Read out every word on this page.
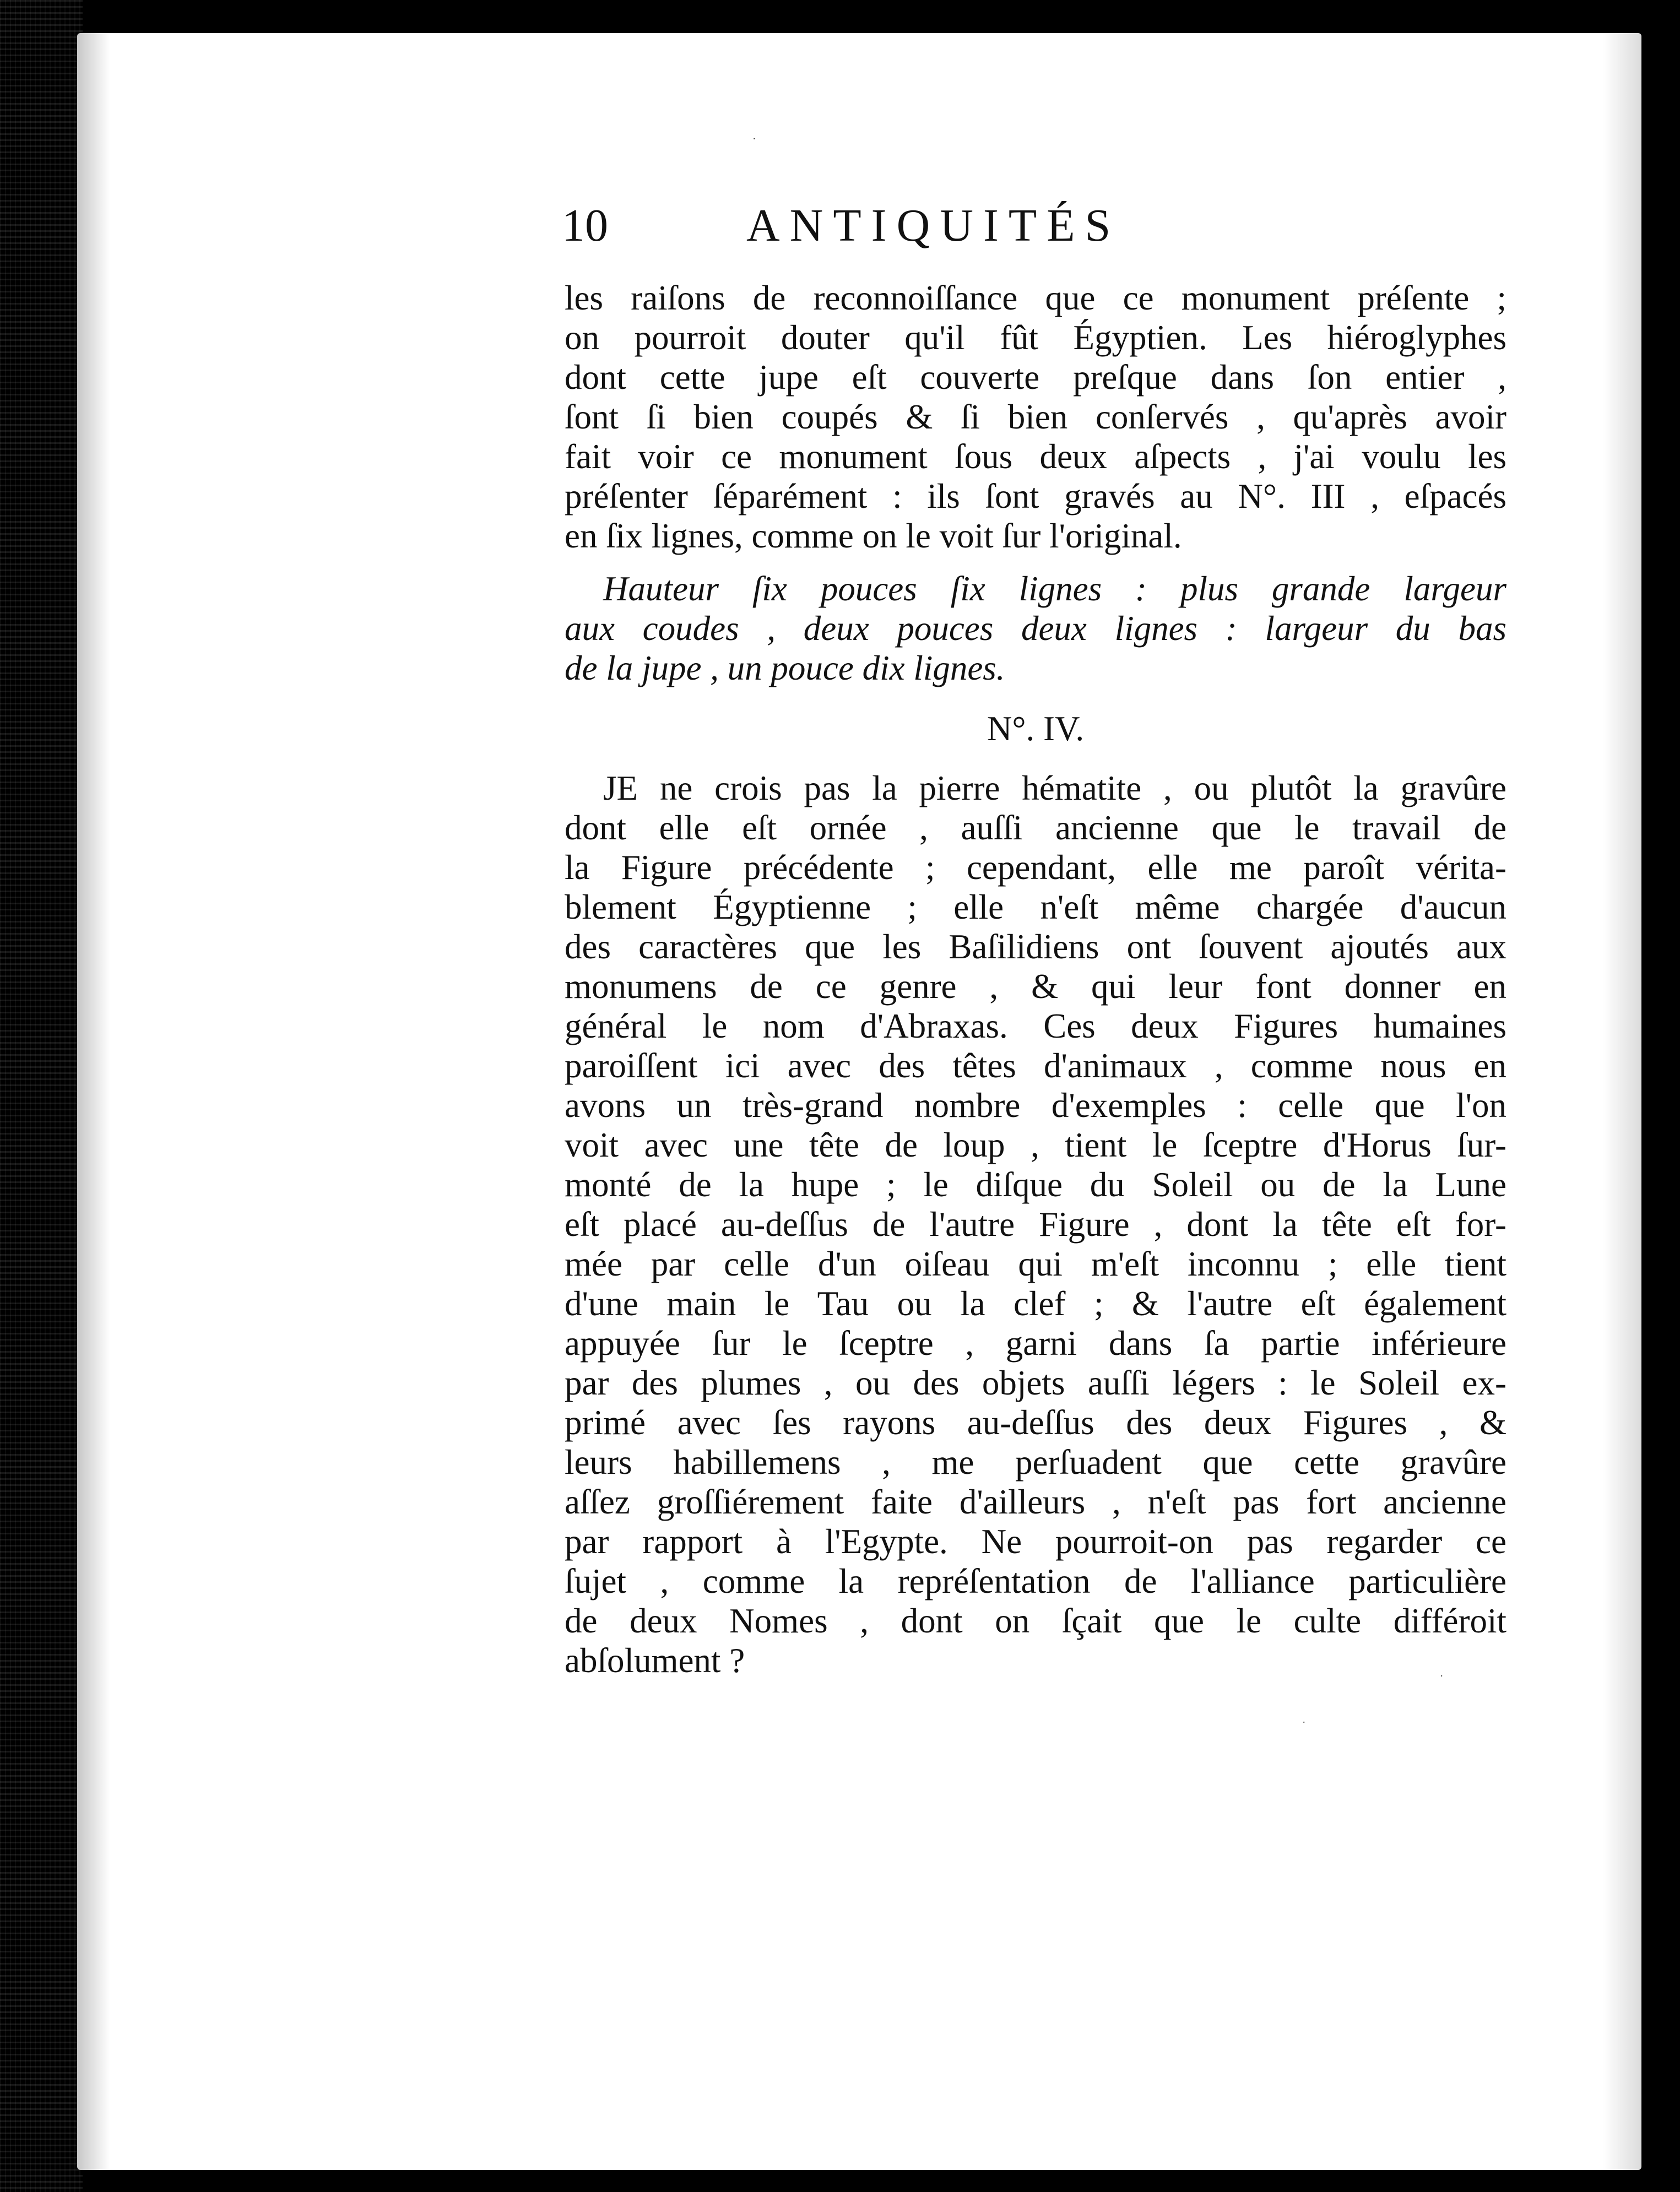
.
.
.
10	ANTIQUITÉS
les raiſons de reconnoiſſance que ce monument préſente ;
on pourroit douter qu'il fût Égyptien. Les hiéroglyphes
dont cette jupe eſt couverte preſque dans ſon entier ,
ſont ſi bien coupés & ſi bien conſervés , qu'après avoir
fait voir ce monument ſous deux aſpects , j'ai voulu les
préſenter ſéparément : ils ſont gravés au N°. III , eſpacés
en ſix lignes, comme on le voit ſur l'original.
Hauteur ſix pouces ſix lignes : plus grande largeur
aux coudes , deux pouces deux lignes : largeur du bas
de la jupe , un pouce dix lignes.
N°. IV.
JE ne crois pas la pierre hématite , ou plutôt la gravûre
dont elle eſt ornée , auſſi ancienne que le travail de
la Figure précédente ; cependant, elle me paroît vérita-
blement Égyptienne ; elle n'eſt même chargée d'aucun
des caractères que les Baſilidiens ont ſouvent ajoutés aux
monumens de ce genre , & qui leur font donner en
général le nom d'Abraxas. Ces deux Figures humaines
paroiſſent ici avec des têtes d'animaux , comme nous en
avons un très-grand nombre d'exemples : celle que l'on
voit avec une tête de loup , tient le ſceptre d'Horus ſur-
monté de la hupe ; le diſque du Soleil ou de la Lune
eſt placé au-deſſus de l'autre Figure , dont la tête eſt for-
mée par celle d'un oiſeau qui m'eſt inconnu ; elle tient
d'une main le Tau ou la clef ; & l'autre eſt également
appuyée ſur le ſceptre , garni dans ſa partie inférieure
par des plumes , ou des objets auſſi légers : le Soleil ex-
primé avec ſes rayons au-deſſus des deux Figures , &
leurs habillemens , me perſuadent que cette gravûre
aſſez groſſiérement faite d'ailleurs , n'eſt pas fort ancienne
par rapport à l'Egypte. Ne pourroit-on pas regarder ce
ſujet , comme la repréſentation de l'alliance particulière
de deux Nomes , dont on ſçait que le culte différoit
abſolument ?
